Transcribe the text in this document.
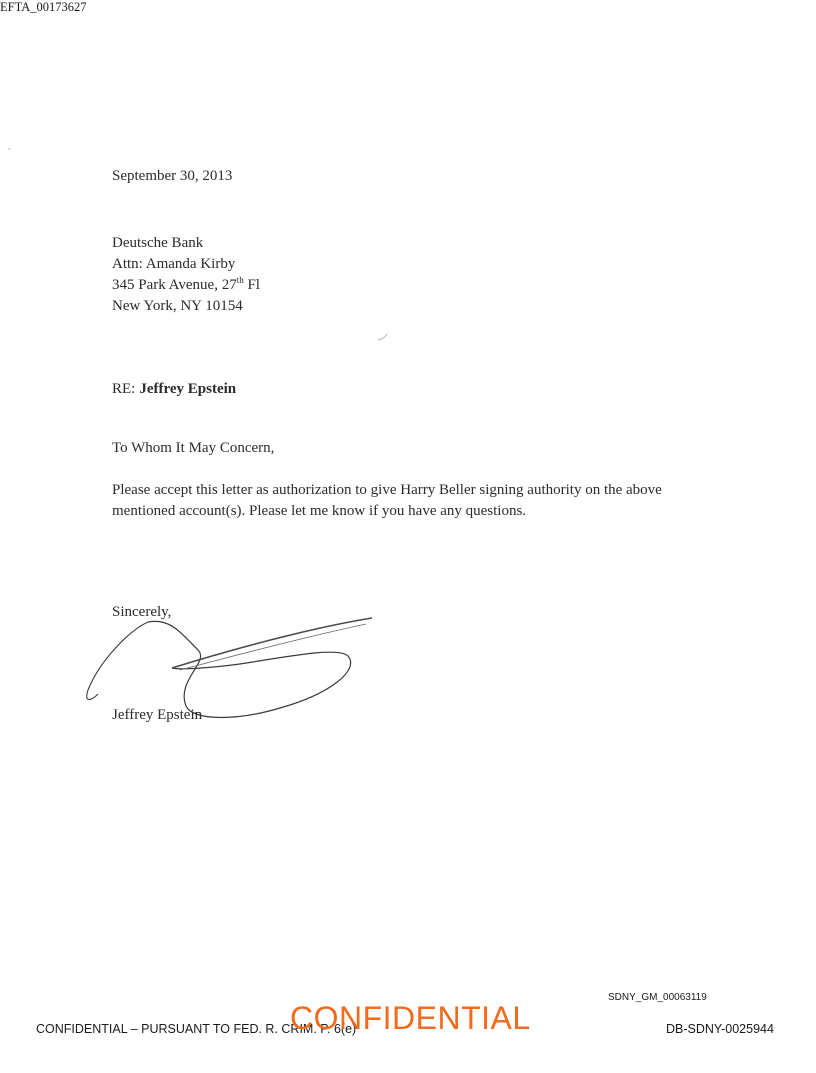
September 30, 2013
Deutsche Bank
Attn: Amanda Kirby
345 Park Avenue, 27th Fl
New York, NY 10154
RE: Jeffrey Epstein
To Whom It May Concern,
Please accept this letter as authorization to give Harry Beller signing authority on the above
mentioned account(s). Please let me know if you have any questions.
Sincerely,
Jeffrey Epstein
SDNY_GM_00063119
CONFIDENTIAL – PURSUANT TO FED. R. CRIM. P. 6(e)
CONFIDENTIAL	DB-SDNY-0025944
EFTA_00173627
